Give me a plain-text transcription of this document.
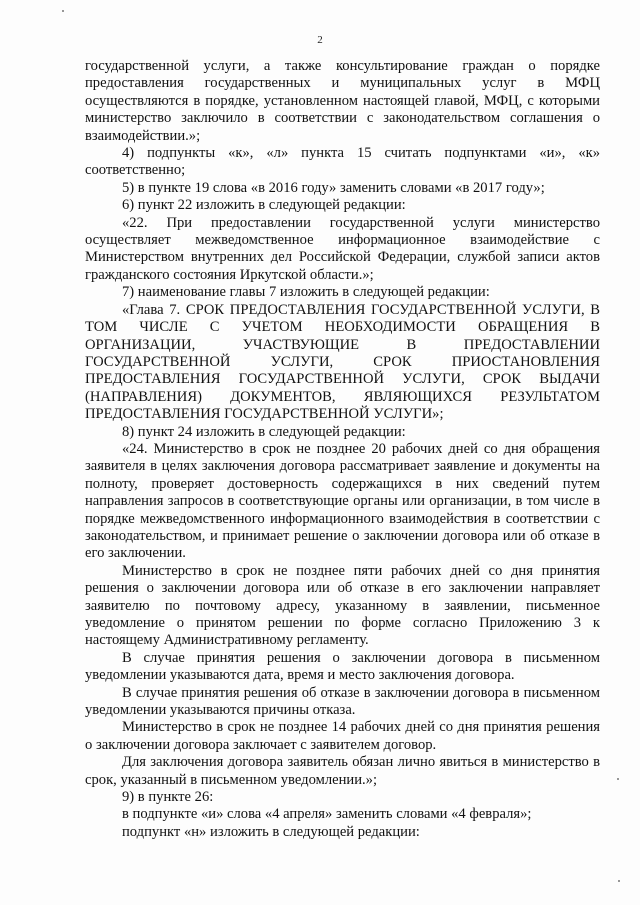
2

государственной услуги, а также консультирование граждан о порядке предоставления государственных и муниципальных услуг в МФЦ осуществляются в порядке, установленном настоящей главой, МФЦ, с которыми министерство заключило в соответствии с законодательством соглашения о взаимодействии.»;

4) подпункты «к», «л» пункта 15 считать подпунктами «и», «к» соответственно;

5) в пункте 19 слова «в 2016 году» заменить словами «в 2017 году»;

6) пункт 22 изложить в следующей редакции:

«22. При предоставлении государственной услуги министерство осуществляет межведомственное информационное взаимодействие с Министерством внутренних дел Российской Федерации, службой записи актов гражданского состояния Иркутской области.»;

7) наименование главы 7 изложить в следующей редакции:

«Глава 7. СРОК ПРЕДОСТАВЛЕНИЯ ГОСУДАРСТВЕННОЙ УСЛУГИ, В ТОМ ЧИСЛЕ С УЧЕТОМ НЕОБХОДИМОСТИ ОБРАЩЕНИЯ В ОРГАНИЗАЦИИ, УЧАСТВУЮЩИЕ В ПРЕДОСТАВЛЕНИИ ГОСУДАРСТВЕННОЙ УСЛУГИ, СРОК ПРИОСТАНОВЛЕНИЯ ПРЕДОСТАВЛЕНИЯ ГОСУДАРСТВЕННОЙ УСЛУГИ, СРОК ВЫДАЧИ (НАПРАВЛЕНИЯ) ДОКУМЕНТОВ, ЯВЛЯЮЩИХСЯ РЕЗУЛЬТАТОМ ПРЕДОСТАВЛЕНИЯ ГОСУДАРСТВЕННОЙ УСЛУГИ»;

8) пункт 24 изложить в следующей редакции:

«24. Министерство в срок не позднее 20 рабочих дней со дня обращения заявителя в целях заключения договора рассматривает заявление и документы на полноту, проверяет достоверность содержащихся в них сведений путем направления запросов в соответствующие органы или организации, в том числе в порядке межведомственного информационного взаимодействия в соответствии с законодательством, и принимает решение о заключении договора или об отказе в его заключении.

Министерство в срок не позднее пяти рабочих дней со дня принятия решения о заключении договора или об отказе в его заключении направляет заявителю по почтовому адресу, указанному в заявлении, письменное уведомление о принятом решении по форме согласно Приложению 3 к настоящему Административному регламенту.

В случае принятия решения о заключении договора в письменном уведомлении указываются дата, время и место заключения договора.

В случае принятия решения об отказе в заключении договора в письменном уведомлении указываются причины отказа.

Министерство в срок не позднее 14 рабочих дней со дня принятия решения о заключении договора заключает с заявителем договор.

Для заключения договора заявитель обязан лично явиться в министерство в срок, указанный в письменном уведомлении.»;

9) в пункте 26:

в подпункте «и» слова «4 апреля» заменить словами «4 февраля»;

подпункт «н» изложить в следующей редакции:
